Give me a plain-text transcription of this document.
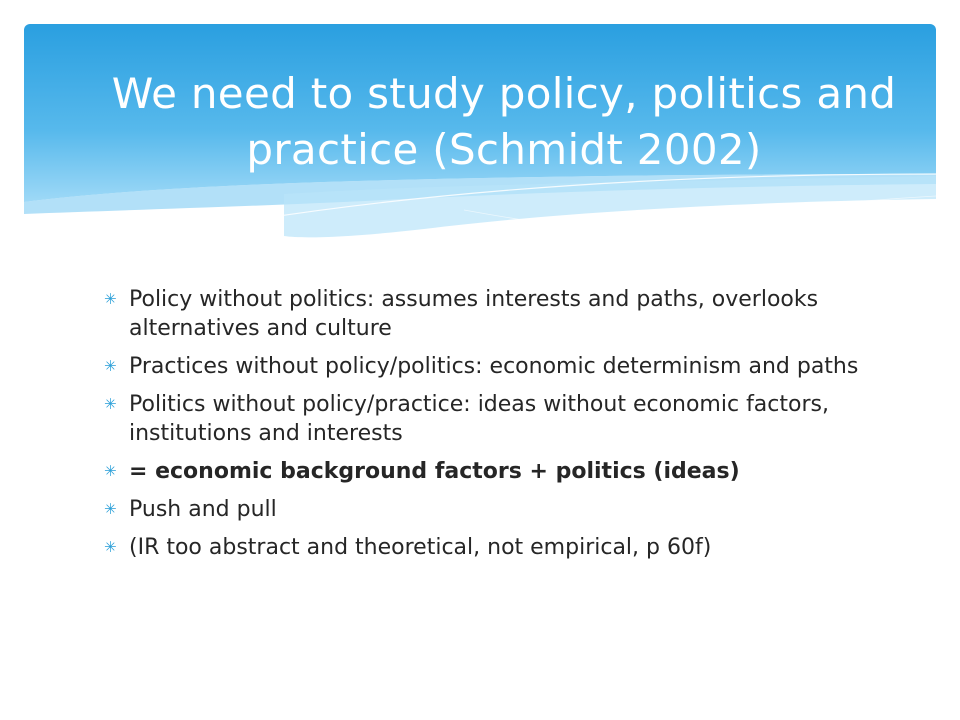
We need to study policy, politics and practice (Schmidt 2002)
✳ Policy without politics: assumes interests and paths, overlooks alternatives and culture
✳ Practices without policy/politics: economic determinism and paths
✳ Politics without policy/practice: ideas without economic factors, institutions and interests
✳ = economic background factors + politics (ideas)
✳ Push and pull
✳ (IR too abstract and theoretical, not empirical, p 60f)
